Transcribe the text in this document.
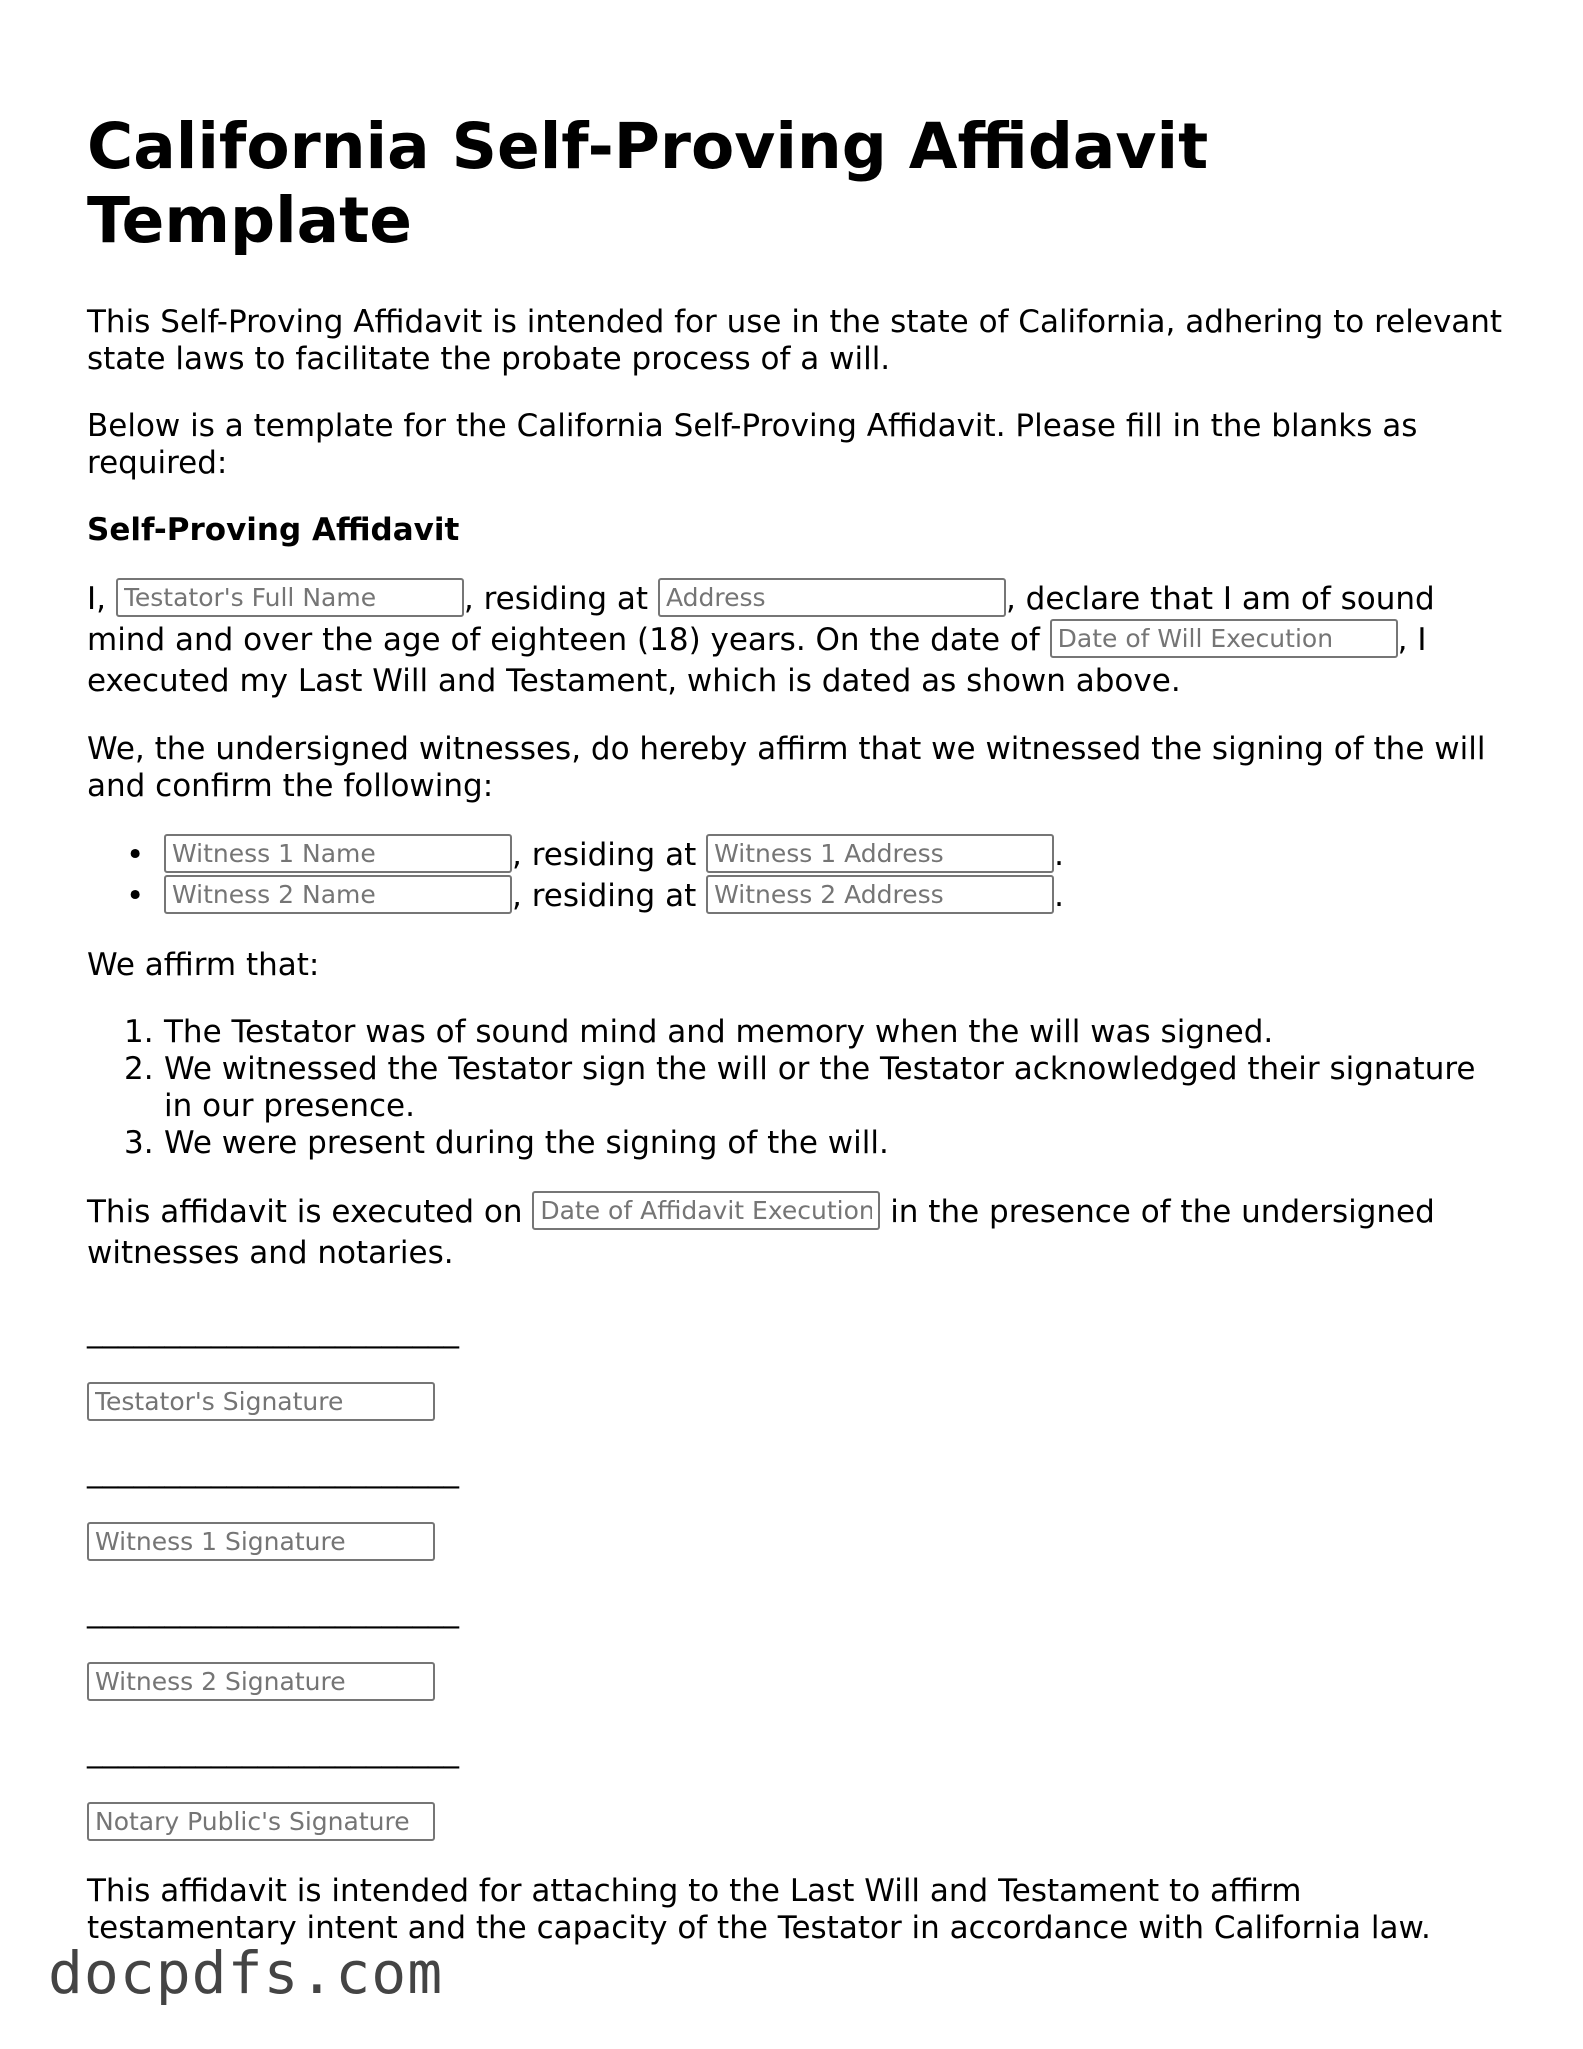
California Self-Proving Affidavit Template

This Self-Proving Affidavit is intended for use in the state of California, adhering to relevant state laws to facilitate the probate process of a will.

Below is a template for the California Self-Proving Affidavit. Please fill in the blanks as required:

Self-Proving Affidavit

I, Testator's Full Name	, residing at Address	, declare that I am of sound mind and over the age of eighteen (18) years. On the date of Date of Will Execution	, I executed my Last Will and Testament, which is dated as shown above.

We, the undersigned witnesses, do hereby affirm that we witnessed the signing of the will and confirm the following:

•
Witness 1 Name	, residing at Witness 1 Address	.
•
Witness 2 Name	, residing at Witness 2 Address	.

We affirm that:

1. The Testator was of sound mind and memory when the will was signed.
2. We witnessed the Testator sign the will or the Testator acknowledged their signature in our presence.
3. We were present during the signing of the will.

This affidavit is executed on Date of Affidavit Execution	in the presence of the undersigned witnesses and notaries.

________________________
Testator's Signature
________________________
Witness 1 Signature
________________________
Witness 2 Signature
________________________
Notary Public's Signature

This affidavit is intended for attaching to the Last Will and Testament to affirm testamentary intent and the capacity of the Testator in accordance with California law.

docpdfs.com
